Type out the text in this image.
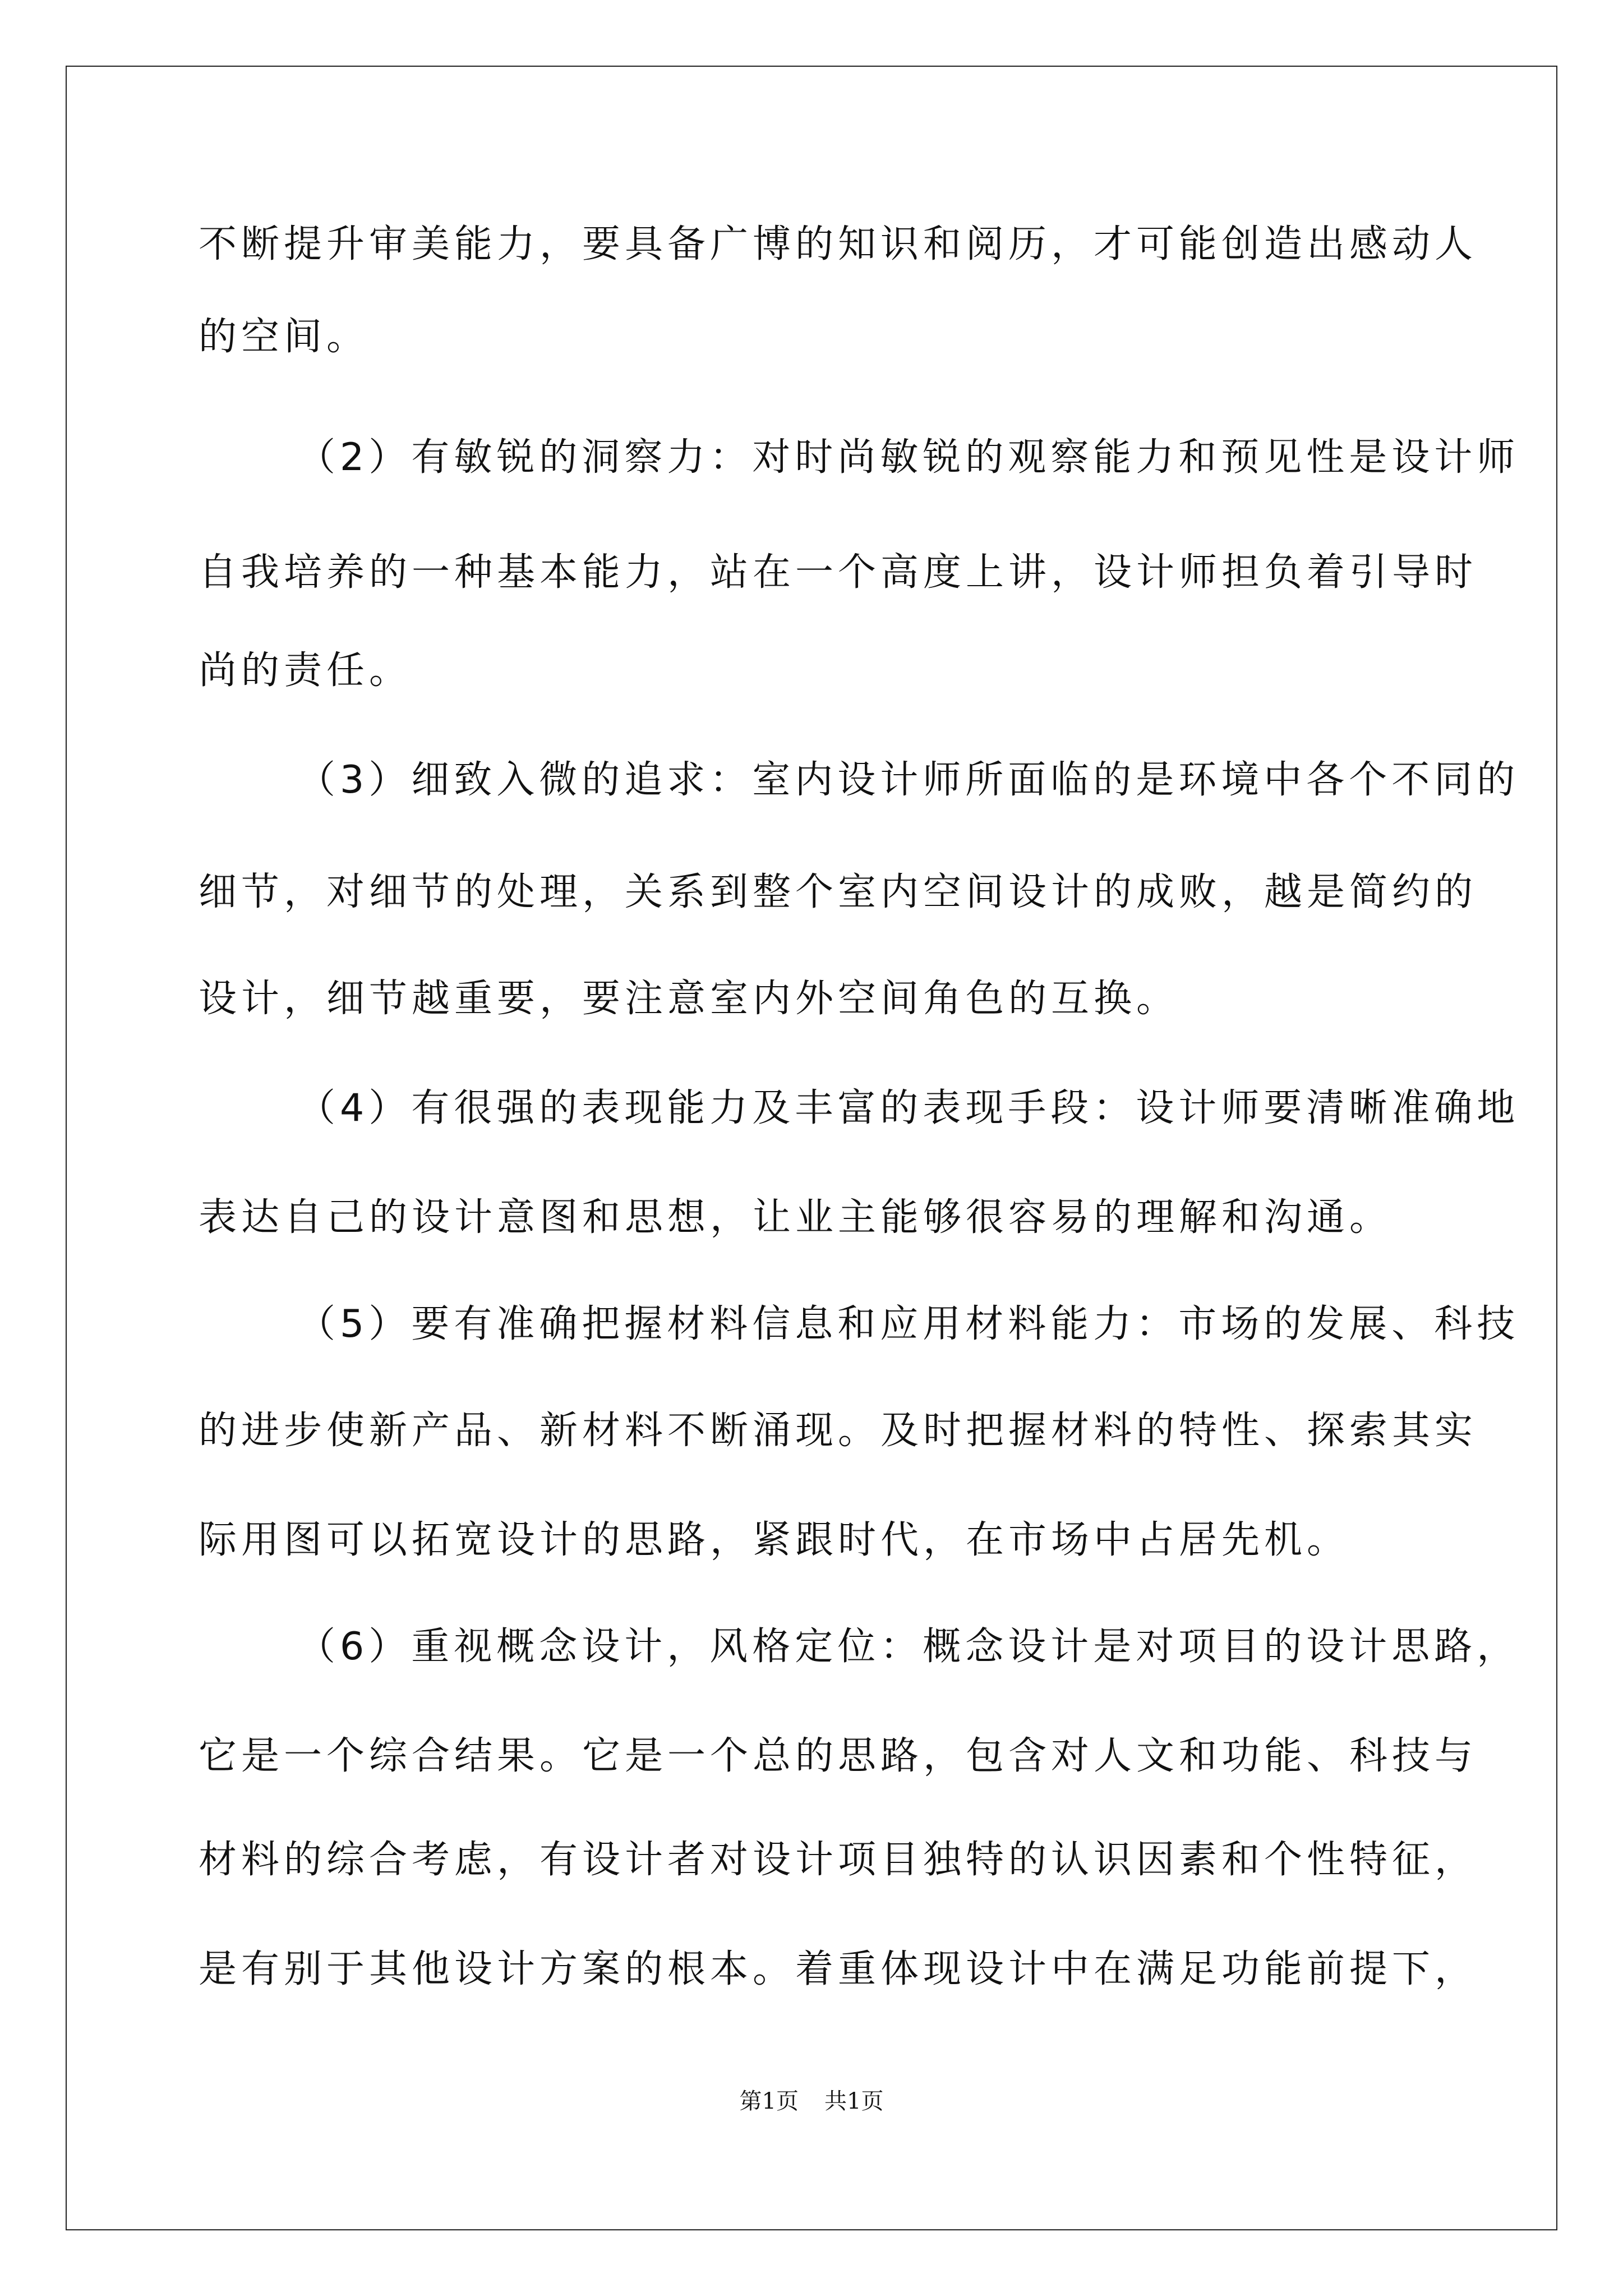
不断提升审美能力，要具备广博的知识和阅历，才可能创造出感动人
的空间。
（2）有敏锐的洞察力：对时尚敏锐的观察能力和预见性是设计师
自我培养的一种基本能力，站在一个高度上讲，设计师担负着引导时
尚的责任。
（3）细致入微的追求：室内设计师所面临的是环境中各个不同的
细节，对细节的处理，关系到整个室内空间设计的成败，越是简约的
设计，细节越重要，要注意室内外空间角色的互换。
（4）有很强的表现能力及丰富的表现手段：设计师要清晰准确地
表达自己的设计意图和思想，让业主能够很容易的理解和沟通。
（5）要有准确把握材料信息和应用材料能力：市场的发展、科技
的进步使新产品、新材料不断涌现。及时把握材料的特性、探索其实
际用图可以拓宽设计的思路，紧跟时代，在市场中占居先机。
（6）重视概念设计，风格定位：概念设计是对项目的设计思路，
它是一个综合结果。它是一个总的思路，包含对人文和功能、科技与
材料的综合考虑，有设计者对设计项目独特的认识因素和个性特征，
是有别于其他设计方案的根本。着重体现设计中在满足功能前提下，
第1页 共1页
